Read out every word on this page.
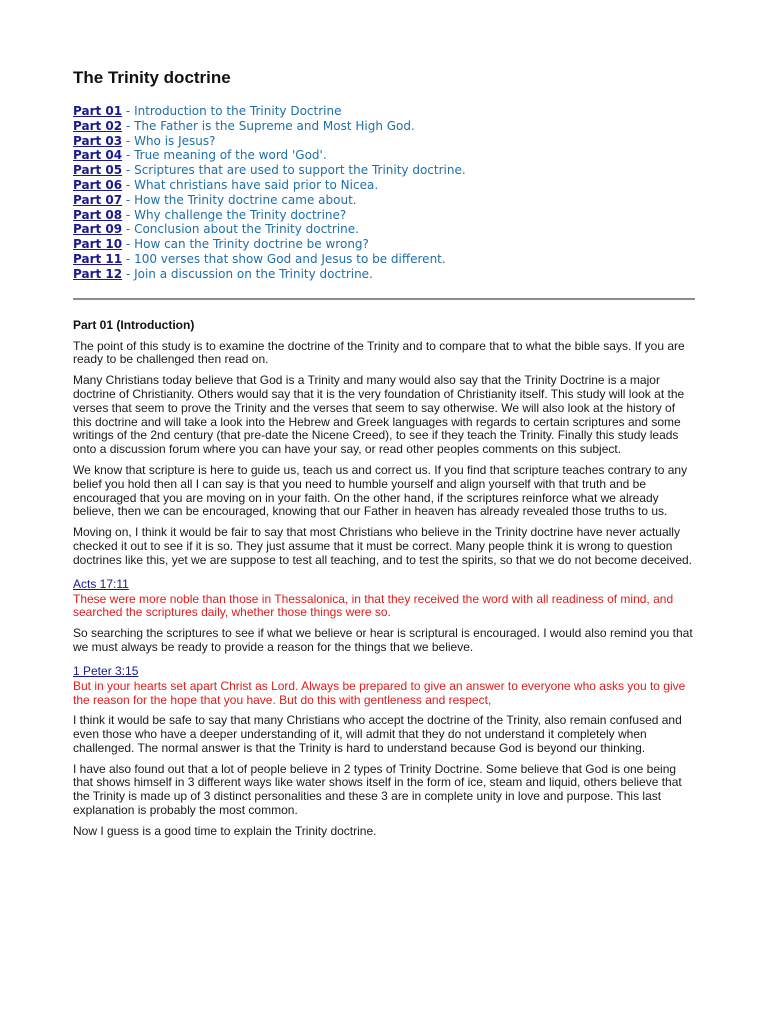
The Trinity doctrine
Part 01 - Introduction to the Trinity Doctrine
Part 02 - The Father is the Supreme and Most High God.
Part 03 - Who is Jesus?
Part 04 - True meaning of the word 'God'.
Part 05 - Scriptures that are used to support the Trinity doctrine.
Part 06 - What christians have said prior to Nicea.
Part 07 - How the Trinity doctrine came about.
Part 08 - Why challenge the Trinity doctrine?
Part 09 - Conclusion about the Trinity doctrine.
Part 10 - How can the Trinity doctrine be wrong?
Part 11 - 100 verses that show God and Jesus to be different.
Part 12 - Join a discussion on the Trinity doctrine.
Part 01 (Introduction)

The point of this study is to examine the doctrine of the Trinity and to compare that to what the bible says. If you are ready to be challenged then read on.

Many Christians today believe that God is a Trinity and many would also say that the Trinity Doctrine is a major doctrine of Christianity. Others would say that it is the very foundation of Christianity itself. This study will look at the verses that seem to prove the Trinity and the verses that seem to say otherwise. We will also look at the history of this doctrine and will take a look into the Hebrew and Greek languages with regards to certain scriptures and some writings of the 2nd century (that pre-date the Nicene Creed), to see if they teach the Trinity. Finally this study leads onto a discussion forum where you can have your say, or read other peoples comments on this subject.

We know that scripture is here to guide us, teach us and correct us. If you find that scripture teaches contrary to any belief you hold then all I can say is that you need to humble yourself and align yourself with that truth and be encouraged that you are moving on in your faith. On the other hand, if the scriptures reinforce what we already believe, then we can be encouraged, knowing that our Father in heaven has already revealed those truths to us.

Moving on, I think it would be fair to say that most Christians who believe in the Trinity doctrine have never actually checked it out to see if it is so. They just assume that it must be correct. Many people think it is wrong to question doctrines like this, yet we are suppose to test all teaching, and to test the spirits, so that we do not become deceived.

Acts 17:11
These were more noble than those in Thessalonica, in that they received the word with all readiness of mind, and searched the scriptures daily, whether those things were so.

So searching the scriptures to see if what we believe or hear is scriptural is encouraged. I would also remind you that we must always be ready to provide a reason for the things that we believe.

1 Peter 3:15
But in your hearts set apart Christ as Lord. Always be prepared to give an answer to everyone who asks you to give the reason for the hope that you have. But do this with gentleness and respect,

I think it would be safe to say that many Christians who accept the doctrine of the Trinity, also remain confused and even those who have a deeper understanding of it, will admit that they do not understand it completely when challenged. The normal answer is that the Trinity is hard to understand because God is beyond our thinking.

I have also found out that a lot of people believe in 2 types of Trinity Doctrine. Some believe that God is one being that shows himself in 3 different ways like water shows itself in the form of ice, steam and liquid, others believe that the Trinity is made up of 3 distinct personalities and these 3 are in complete unity in love and purpose. This last explanation is probably the most common.

Now I guess is a good time to explain the Trinity doctrine.
